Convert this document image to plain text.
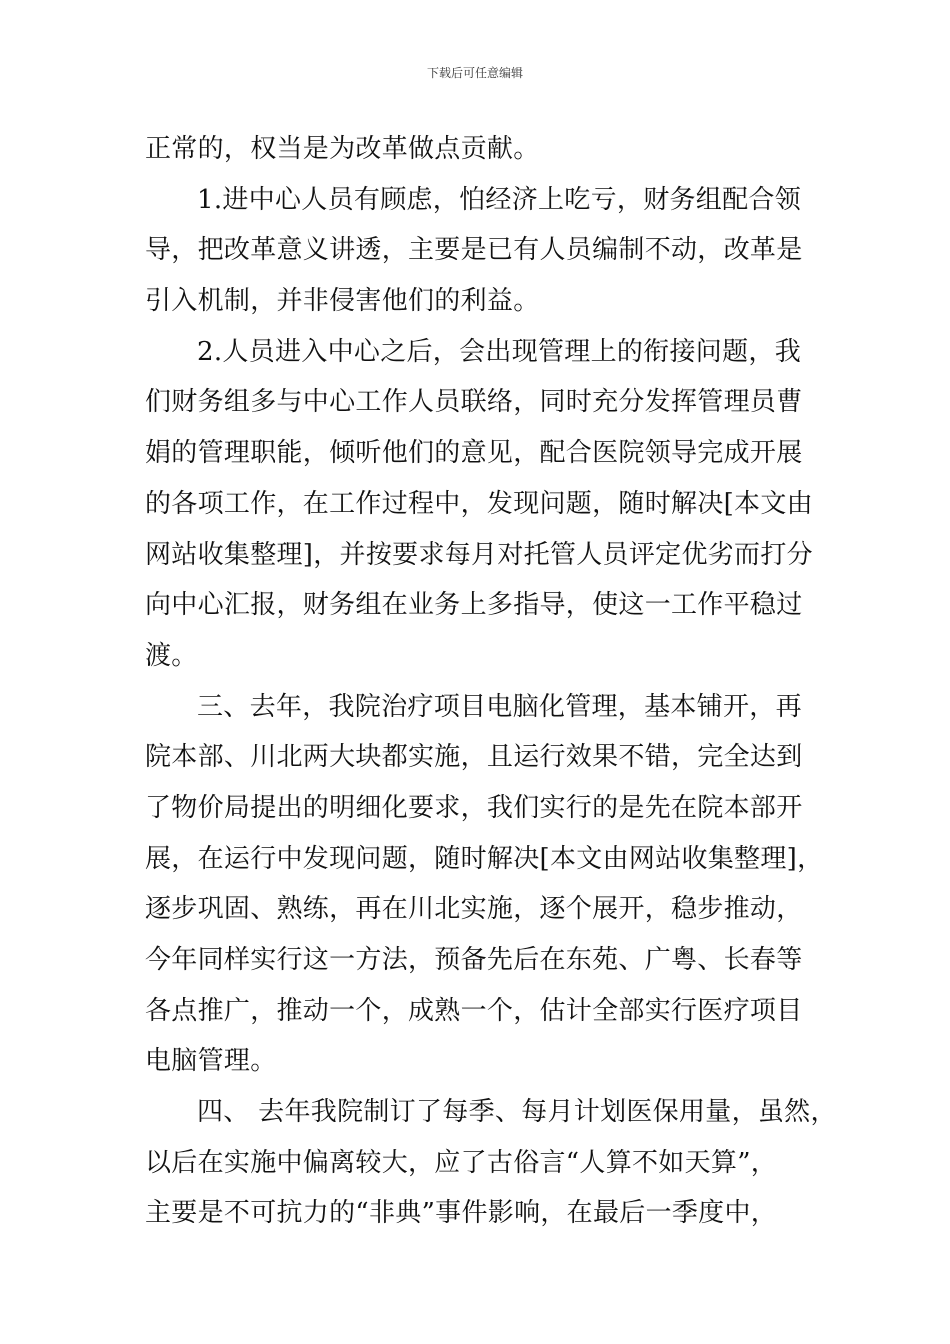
下载后可任意编辑
正常的，权当是为改革做点贡献。
1.进中心人员有顾虑，怕经济上吃亏，财务组配合领
导，把改革意义讲透，主要是已有人员编制不动，改革是
引入机制，并非侵害他们的利益。
2.人员进入中心之后，会出现管理上的衔接问题，我
们财务组多与中心工作人员联络，同时充分发挥管理员曹
娟的管理职能，倾听他们的意见，配合医院领导完成开展
的各项工作，在工作过程中，发现问题，随时解决[本文由
网站收集整理]，并按要求每月对托管人员评定优劣而打分
向中心汇报，财务组在业务上多指导，使这一工作平稳过
渡。
三、去年，我院治疗项目电脑化管理，基本铺开，再
院本部、川北两大块都实施，且运行效果不错，完全达到
了物价局提出的明细化要求，我们实行的是先在院本部开
展，在运行中发现问题，随时解决[本文由网站收集整理]，
逐步巩固、熟练，再在川北实施，逐个展开，稳步推动，
今年同样实行这一方法，预备先后在东苑、广粤、长春等
各点推广，推动一个，成熟一个，估计全部实行医疗项目
电脑管理。
四、 去年我院制订了每季、每月计划医保用量，虽然，
以后在实施中偏离较大，应了古俗言“人算不如天算”，
主要是不可抗力的“非典”事件影响，在最后一季度中，
